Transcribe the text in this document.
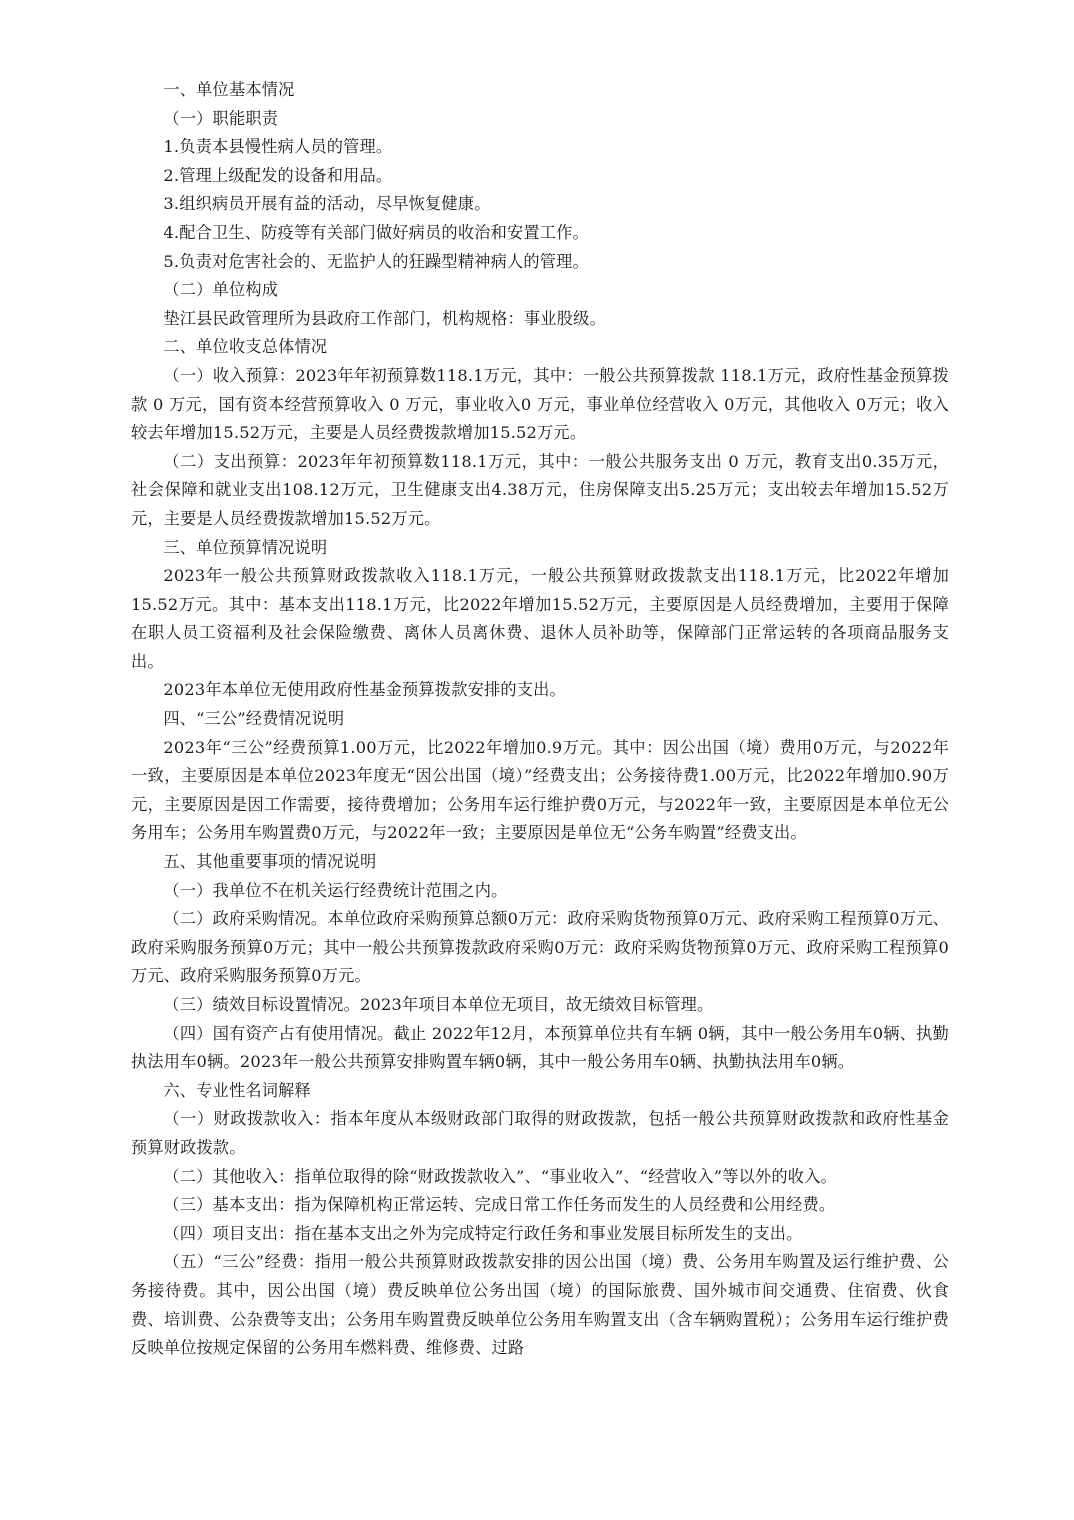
一、单位基本情况

（一）职能职责

1.负责本县慢性病人员的管理。

2.管理上级配发的设备和用品。

3.组织病员开展有益的活动，尽早恢复健康。

4.配合卫生、防疫等有关部门做好病员的收治和安置工作。

5.负责对危害社会的、无监护人的狂躁型精神病人的管理。

（二）单位构成

垫江县民政管理所为县政府工作部门，机构规格：事业股级。

二、单位收支总体情况

（一）收入预算：2023年年初预算数118.1万元，其中：一般公共预算拨款 118.1万元，政府性基金预算拨款 0 万元，国有资本经营预算收入 0 万元，事业收入0 万元，事业单位经营收入 0万元，其他收入 0万元；收入较去年增加15.52万元，主要是人员经费拨款增加15.52万元。

（二）支出预算：2023年年初预算数118.1万元，其中：一般公共服务支出 0 万元，教育支出0.35万元，社会保障和就业支出108.12万元，卫生健康支出4.38万元，住房保障支出5.25万元；支出较去年增加15.52万元，主要是人员经费拨款增加15.52万元。

三、单位预算情况说明

2023年一般公共预算财政拨款收入118.1万元，一般公共预算财政拨款支出118.1万元，比2022年增加15.52万元。其中：基本支出118.1万元，比2022年增加15.52万元，主要原因是人员经费增加，主要用于保障在职人员工资福利及社会保险缴费、离休人员离休费、退休人员补助等，保障部门正常运转的各项商品服务支出。

2023年本单位无使用政府性基金预算拨款安排的支出。

四、“三公”经费情况说明

2023年“三公”经费预算1.00万元，比2022年增加0.9万元。其中：因公出国（境）费用0万元，与2022年一致，主要原因是本单位2023年度无“因公出国（境）”经费支出；公务接待费1.00万元，比2022年增加0.90万元，主要原因是因工作需要，接待费增加；公务用车运行维护费0万元，与2022年一致，主要原因是本单位无公务用车；公务用车购置费0万元，与2022年一致；主要原因是单位无“公务车购置”经费支出。

五、其他重要事项的情况说明

（一）我单位不在机关运行经费统计范围之内。

（二）政府采购情况。本单位政府采购预算总额0万元：政府采购货物预算0万元、政府采购工程预算0万元、政府采购服务预算0万元；其中一般公共预算拨款政府采购0万元：政府采购货物预算0万元、政府采购工程预算0万元、政府采购服务预算0万元。

（三）绩效目标设置情况。2023年项目本单位无项目，故无绩效目标管理。

（四）国有资产占有使用情况。截止 2022年12月，本预算单位共有车辆 0辆，其中一般公务用车0辆、执勤执法用车0辆。2023年一般公共预算安排购置车辆0辆，其中一般公务用车0辆、执勤执法用车0辆。

六、专业性名词解释

（一）财政拨款收入：指本年度从本级财政部门取得的财政拨款，包括一般公共预算财政拨款和政府性基金预算财政拨款。

（二）其他收入：指单位取得的除“财政拨款收入”、“事业收入”、“经营收入”等以外的收入。

（三）基本支出：指为保障机构正常运转、完成日常工作任务而发生的人员经费和公用经费。

（四）项目支出：指在基本支出之外为完成特定行政任务和事业发展目标所发生的支出。

（五）“三公”经费：指用一般公共预算财政拨款安排的因公出国（境）费、公务用车购置及运行维护费、公务接待费。其中，因公出国（境）费反映单位公务出国（境）的国际旅费、国外城市间交通费、住宿费、伙食费、培训费、公杂费等支出；公务用车购置费反映单位公务用车购置支出（含车辆购置税）；公务用车运行维护费反映单位按规定保留的公务用车燃料费、维修费、过路
